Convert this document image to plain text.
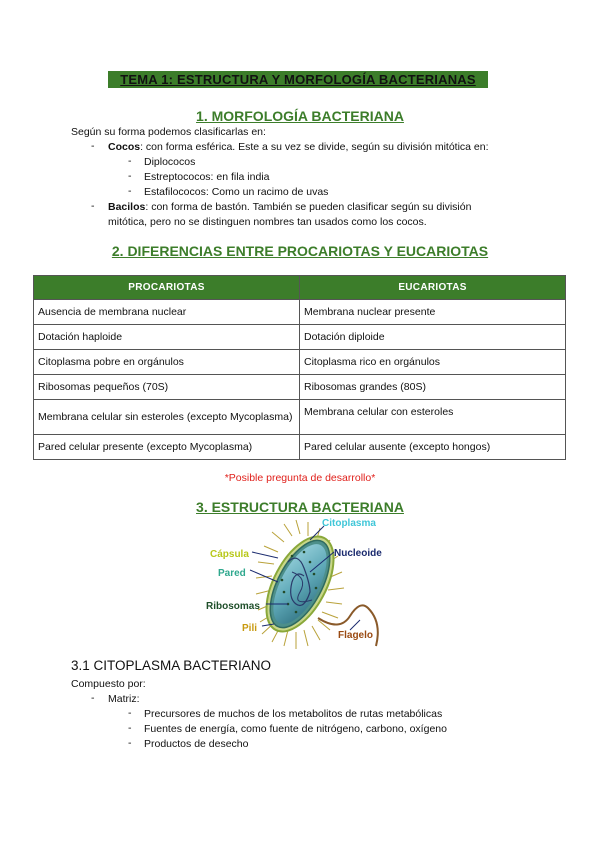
TEMA 1: ESTRUCTURA Y MORFOLOGÍA BACTERIANAS
1. MORFOLOGÍA BACTERIANA
Según su forma podemos clasificarlas en:
- Cocos: con forma esférica. Este a su vez se divide, según su división mitótica en:
- Diplococos
- Estreptococos: en fila india
- Estafilococos: Como un racimo de uvas
- Bacilos: con forma de bastón. También se pueden clasificar según su división
mitótica, pero no se distinguen nombres tan usados como los cocos.
2. DIFERENCIAS ENTRE PROCARIOTAS Y EUCARIOTAS
PROCARIOTAS	EUCARIOTAS
Ausencia de membrana nuclear	Membrana nuclear presente
Dotación haploide	Dotación diploide
Citoplasma pobre en orgánulos	Citoplasma rico en orgánulos
Ribosomas pequeños (70S)	Ribosomas grandes (80S)
Membrana celular sin esteroles (excepto Mycoplasma)	Membrana celular con esteroles
Pared celular presente (excepto Mycoplasma)	Pared celular ausente (excepto hongos)
*Posible pregunta de desarrollo*
3. ESTRUCTURA BACTERIANA
Citoplasma
Cápsula	Nucleoide
Pared
Ribosomas
Pili
Flagelo
3.1 CITOPLASMA BACTERIANO
Compuesto por:
- Matriz:
- Precursores de muchos de los metabolitos de rutas metabólicas
- Fuentes de energía, como fuente de nitrógeno, carbono, oxígeno
- Productos de desecho
